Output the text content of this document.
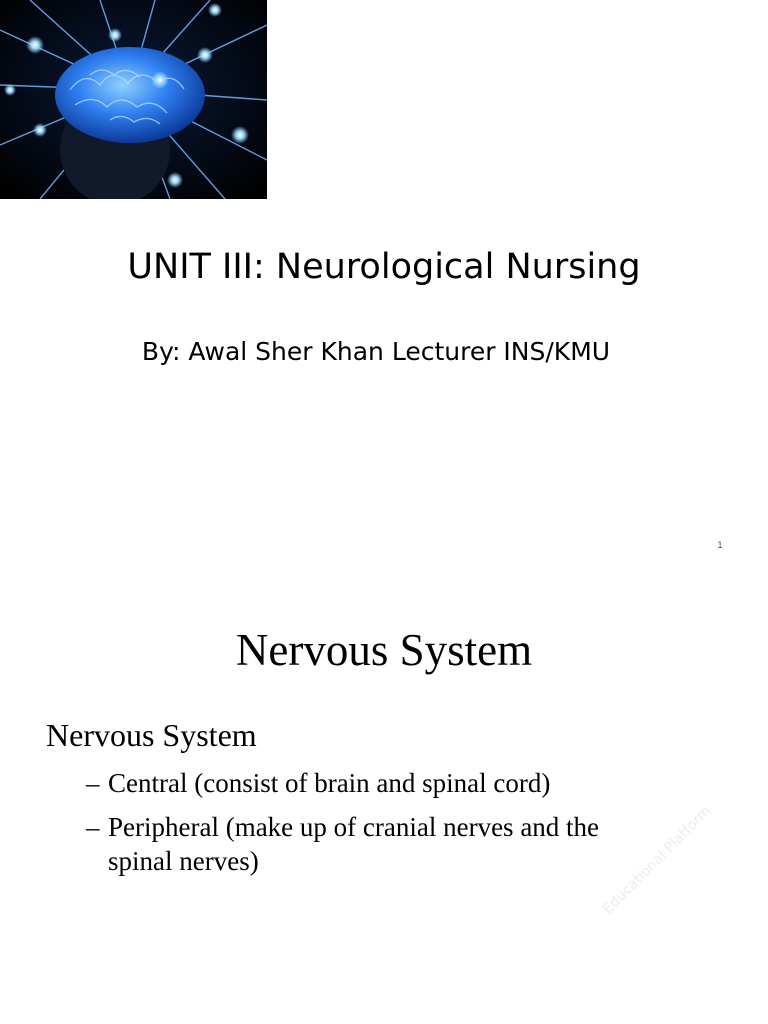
UNIT III: Neurological Nursing
By: Awal Sher Khan Lecturer INS/KMU
1
Nervous System
Nervous System
– Central (consist of brain and spinal cord)
– Peripheral (make up of cranial nerves and the spinal nerves)	Educational Platform
